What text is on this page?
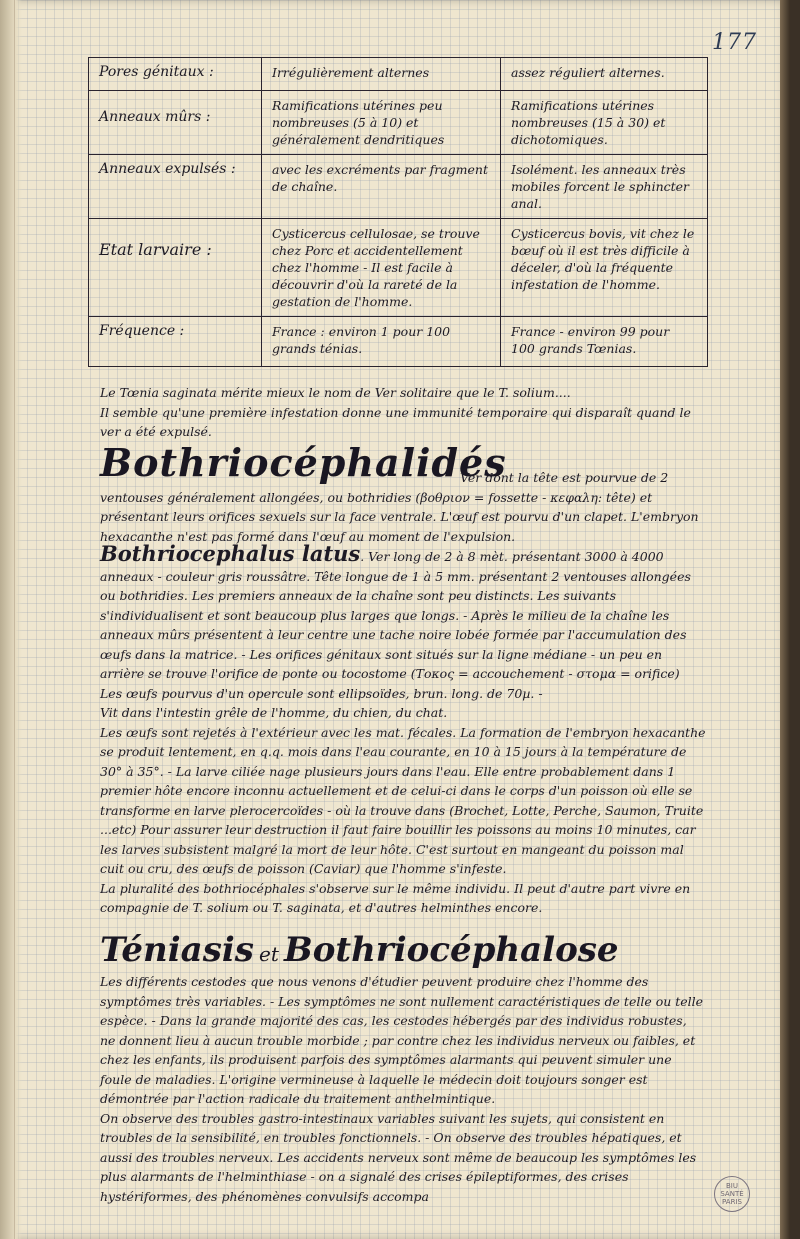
177
Pores génitaux :	Irrégulièrement alternes	assez réguliert alternes.
Anneaux mûrs :	Ramifications utérines peu nombreuses (5 à 10) et généralement dendritiques	Ramifications utérines nombreuses (15 à 30) et dichotomiques.
Anneaux expulsés :	avec les excréments par fragment de chaîne.	Isolément. les anneaux très mobiles forcent le sphincter anal.
Etat larvaire :	Cysticercus cellulosae, se trouve chez Porc et accidentellement chez l'homme - Il est facile à découvrir d'où la rareté de la gestation de l'homme.	Cysticercus bovis, vit chez le bœuf où il est très difficile à déceler, d'où la fréquente infestation de l'homme.
Fréquence :	France : environ 1 pour 100 grands ténias.	France - environ 99 pour 100 grands Tœnias.

Le Tœnia saginata mérite mieux le nom de Ver solitaire que le T. solium....

Il semble qu'une première infestation donne une immunité temporaire qui disparaît quand le ver a été expulsé.

Bothriocéphalidés
Ver dont la tête est pourvue de 2 ventouses généralement allongées, ou bothridies (βοθριον = fossette - κεφαλη: tête) et présentant leurs orifices sexuels sur la face ventrale. L'œuf est pourvu d'un clapet. L'embryon hexacanthe n'est pas formé dans l'œuf au moment de l'expulsion.

Bothriocephalus latus. Ver long de 2 à 8 mèt. présentant 3000 à 4000 anneaux - couleur gris roussâtre. Tête longue de 1 à 5 mm. présentant 2 ventouses allongées ou bothridies. Les premiers anneaux de la chaîne sont peu distincts. Les suivants s'individualisent et sont beaucoup plus larges que longs. - Après le milieu de la chaîne les anneaux mûrs présentent à leur centre une tache noire lobée formée par l'accumulation des œufs dans la matrice. - Les orifices génitaux sont situés sur la ligne médiane - un peu en arrière se trouve l'orifice de ponte ou tocostome (Τοκος = accouchement - στομα = orifice)

Les œufs pourvus d'un opercule sont ellipsoïdes, brun. long. de 70µ. -

Vit dans l'intestin grêle de l'homme, du chien, du chat.

Les œufs sont rejetés à l'extérieur avec les mat. fécales. La formation de l'embryon hexacanthe se produit lentement, en q.q. mois dans l'eau courante, en 10 à 15 jours à la température de 30° à 35°. - La larve ciliée nage plusieurs jours dans l'eau. Elle entre probablement dans 1 premier hôte encore inconnu actuellement et de celui-ci dans le corps d'un poisson où elle se transforme en larve plerocercoïdes - où la trouve dans (Brochet, Lotte, Perche, Saumon, Truite ...etc) Pour assurer leur destruction il faut faire bouillir les poissons au moins 10 minutes, car les larves subsistent malgré la mort de leur hôte. C'est surtout en mangeant du poisson mal cuit ou cru, des œufs de poisson (Caviar) que l'homme s'infeste.

La pluralité des bothriocéphales s'observe sur le même individu. Il peut d'autre part vivre en compagnie de T. solium ou T. saginata, et d'autres helminthes encore.

Téniasis et Bothriocéphalose

Les différents cestodes que nous venons d'étudier peuvent produire chez l'homme des symptômes très variables. - Les symptômes ne sont nullement caractéristiques de telle ou telle espèce. - Dans la grande majorité des cas, les cestodes hébergés par des individus robustes, ne donnent lieu à aucun trouble morbide ; par contre chez les individus nerveux ou faibles, et chez les enfants, ils produisent parfois des symptômes alarmants qui peuvent simuler une foule de maladies. L'origine vermineuse à laquelle le médecin doit toujours songer est démontrée par l'action radicale du traitement anthelmintique.

On observe des troubles gastro-intestinaux variables suivant les sujets, qui consistent en troubles de la sensibilité, en troubles fonctionnels. - On observe des troubles hépatiques, et aussi des troubles nerveux. Les accidents nerveux sont même de beaucoup les symptômes les plus alarmants de l'helminthiase - on a signalé des crises épileptiformes, des crises hystériformes, des phénomènes convulsifs accompa

BIU
SANTÉ
PARIS
